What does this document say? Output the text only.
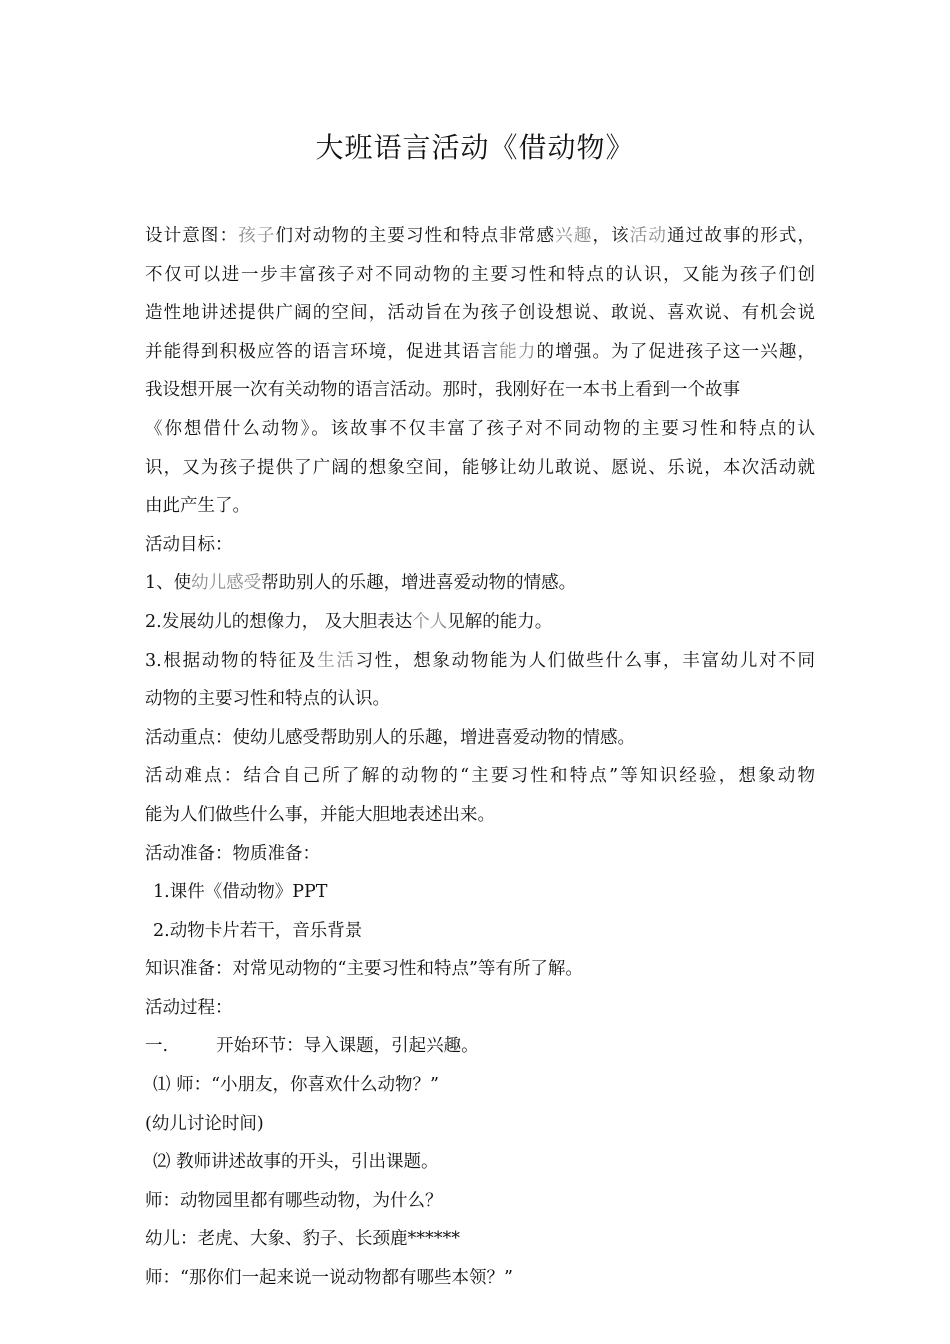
大班语言活动《借动物》
设计意图：孩子们对动物的主要习性和特点非常感兴趣，该活动通过故事的形式，
不仅可以进一步丰富孩子对不同动物的主要习性和特点的认识，又能为孩子们创
造性地讲述提供广阔的空间，活动旨在为孩子创设想说、敢说、喜欢说、有机会说
并能得到积极应答的语言环境，促进其语言能力的增强。为了促进孩子这一兴趣，
我设想开展一次有关动物的语言活动。那时，我刚好在一本书上看到一个故事
《你想借什么动物》。该故事不仅丰富了孩子对不同动物的主要习性和特点的认
识，又为孩子提供了广阔的想象空间，能够让幼儿敢说、愿说、乐说，本次活动就
由此产生了。
活动目标：
1、使幼儿感受帮助别人的乐趣，增进喜爱动物的情感。
2.发展幼儿的想像力， 及大胆表达个人见解的能力。
3.根据动物的特征及生活习性，想象动物能为人们做些什么事，丰富幼儿对不同
动物的主要习性和特点的认识。
活动重点：使幼儿感受帮助别人的乐趣，增进喜爱动物的情感。
活动难点：结合自己所了解的动物的“主要习性和特点”等知识经验，想象动物
能为人们做些什么事，并能大胆地表述出来。
活动准备：物质准备：
1.课件《借动物》PPT
2.动物卡片若干，音乐背景
知识准备：对常见动物的“主要习性和特点”等有所了解。
活动过程：
一.	开始环节：导入课题，引起兴趣。
⑴ 师：“小朋友，你喜欢什么动物？”
(幼儿讨论时间)
⑵ 教师讲述故事的开头，引出课题。
师：动物园里都有哪些动物，为什么？
幼儿：老虎、大象、豹子、长颈鹿******
师：“那你们一起来说一说动物都有哪些本领？”
